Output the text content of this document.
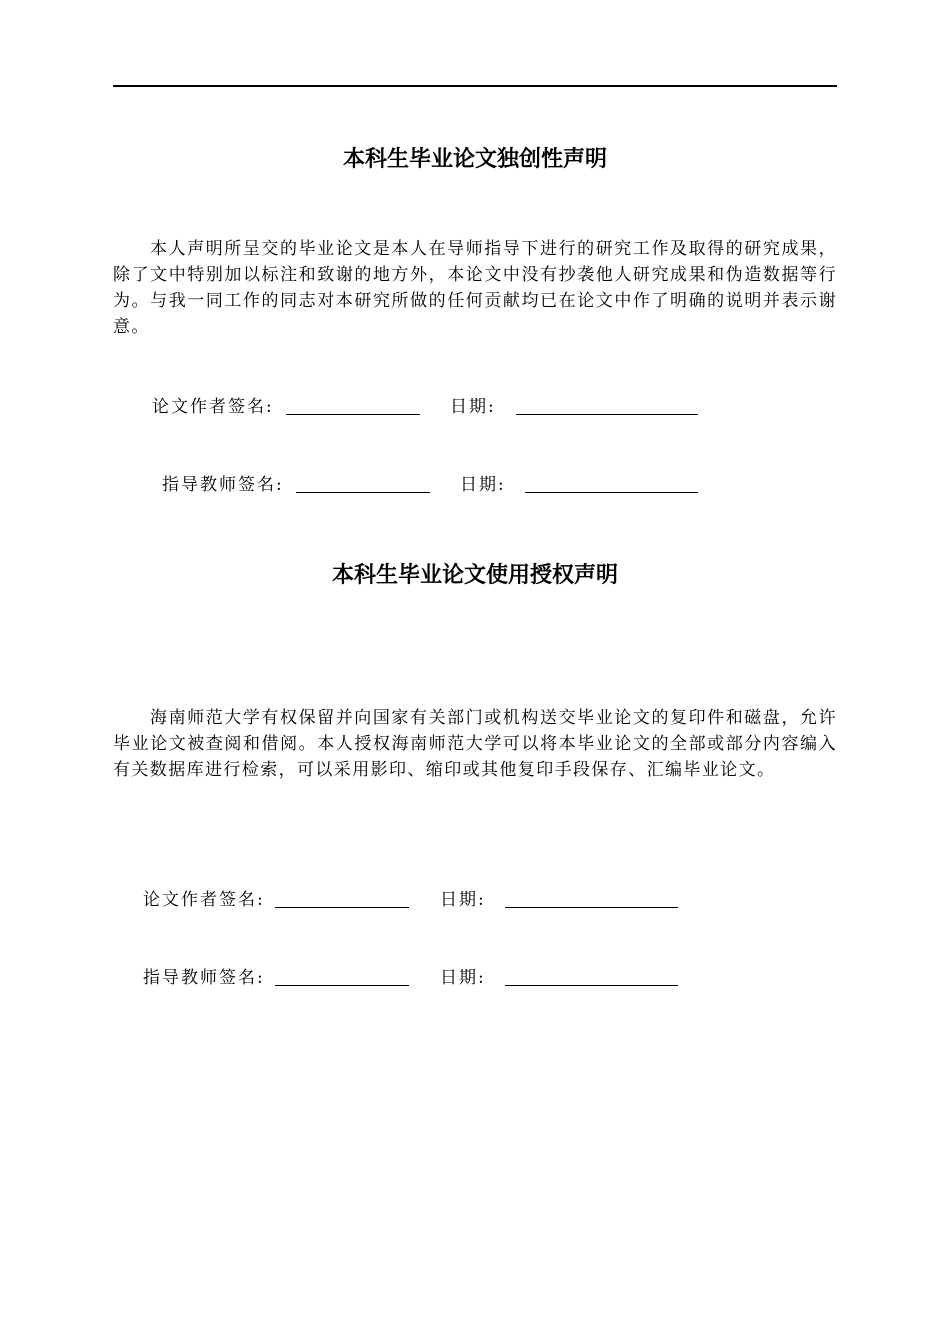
本科生毕业论文独创性声明

本人声明所呈交的毕业论文是本人在导师指导下进行的研究工作及取得的研究成果，除了文中特别加以标注和致谢的地方外，本论文中没有抄袭他人研究成果和伪造数据等行为。与我一同工作的同志对本研究所做的任何贡献均已在论文中作了明确的说明并表示谢意。

论文作者签名:	日期:
指导教师签名:	日期:
本科生毕业论文使用授权声明

海南师范大学有权保留并向国家有关部门或机构送交毕业论文的复印件和磁盘，允许毕业论文被查阅和借阅。本人授权海南师范大学可以将本毕业论文的全部或部分内容编入有关数据库进行检索，可以采用影印、缩印或其他复印手段保存、汇编毕业论文。

论文作者签名:	日期:
指导教师签名:	日期:
